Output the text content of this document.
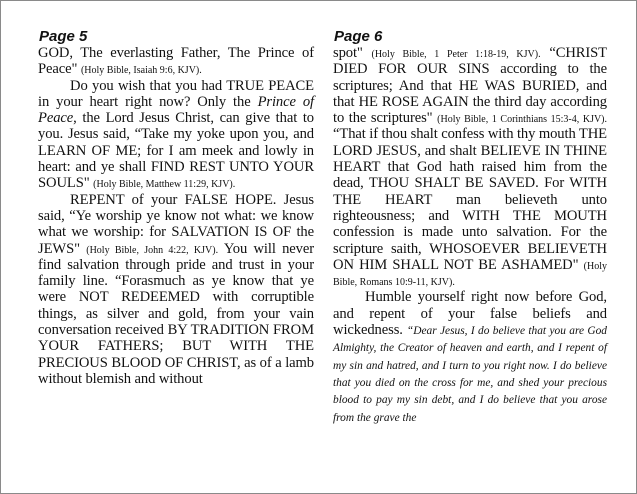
Page 5

GOD, The everlasting Father, The Prince of Peace" (Holy Bible, Isaiah 9:6, KJV).

Do you wish that you had TRUE PEACE in your heart right now? Only the Prince of Peace, the Lord Jesus Christ, can give that to you. Jesus said, “Take my yoke upon you, and LEARN OF ME; for I am meek and lowly in heart: and ye shall FIND REST UNTO YOUR SOULS" (Holy Bible, Matthew 11:29, KJV).

REPENT of your FALSE HOPE. Jesus said, “Ye worship ye know not what: we know what we worship: for SALVATION IS OF the JEWS" (Holy Bible, John 4:22, KJV). You will never find salvation through pride and trust in your family line. “Forasmuch as ye know that ye were NOT REDEEMED with corruptible things, as silver and gold, from your vain conversation received BY TRADITION FROM YOUR FATHERS; BUT WITH THE PRECIOUS BLOOD OF CHRIST, as of a lamb without blemish and without

Page 6

spot" (Holy Bible, 1 Peter 1:18-19, KJV). “CHRIST DIED FOR OUR SINS according to the scriptures; And that HE WAS BURIED, and that HE ROSE AGAIN the third day according to the scriptures" (Holy Bible, 1 Corinthians 15:3-4, KJV). “That if thou shalt confess with thy mouth THE LORD JESUS, and shalt BELIEVE IN THINE HEART that God hath raised him from the dead, THOU SHALT BE SAVED. For WITH THE HEART man believeth unto righteousness; and WITH THE MOUTH confession is made unto salvation. For the scripture saith, WHOSOEVER BELIEVETH ON HIM SHALL NOT BE ASHAMED" (Holy Bible, Romans 10:9-11, KJV).

Humble yourself right now before God, and repent of your false beliefs and wickedness. “Dear Jesus, I do believe that you are God Almighty, the Creator of heaven and earth, and I repent of my sin and hatred, and I turn to you right now. I do believe that you died on the cross for me, and shed your precious blood to pay my sin debt, and I do believe that you arose from the grave the
